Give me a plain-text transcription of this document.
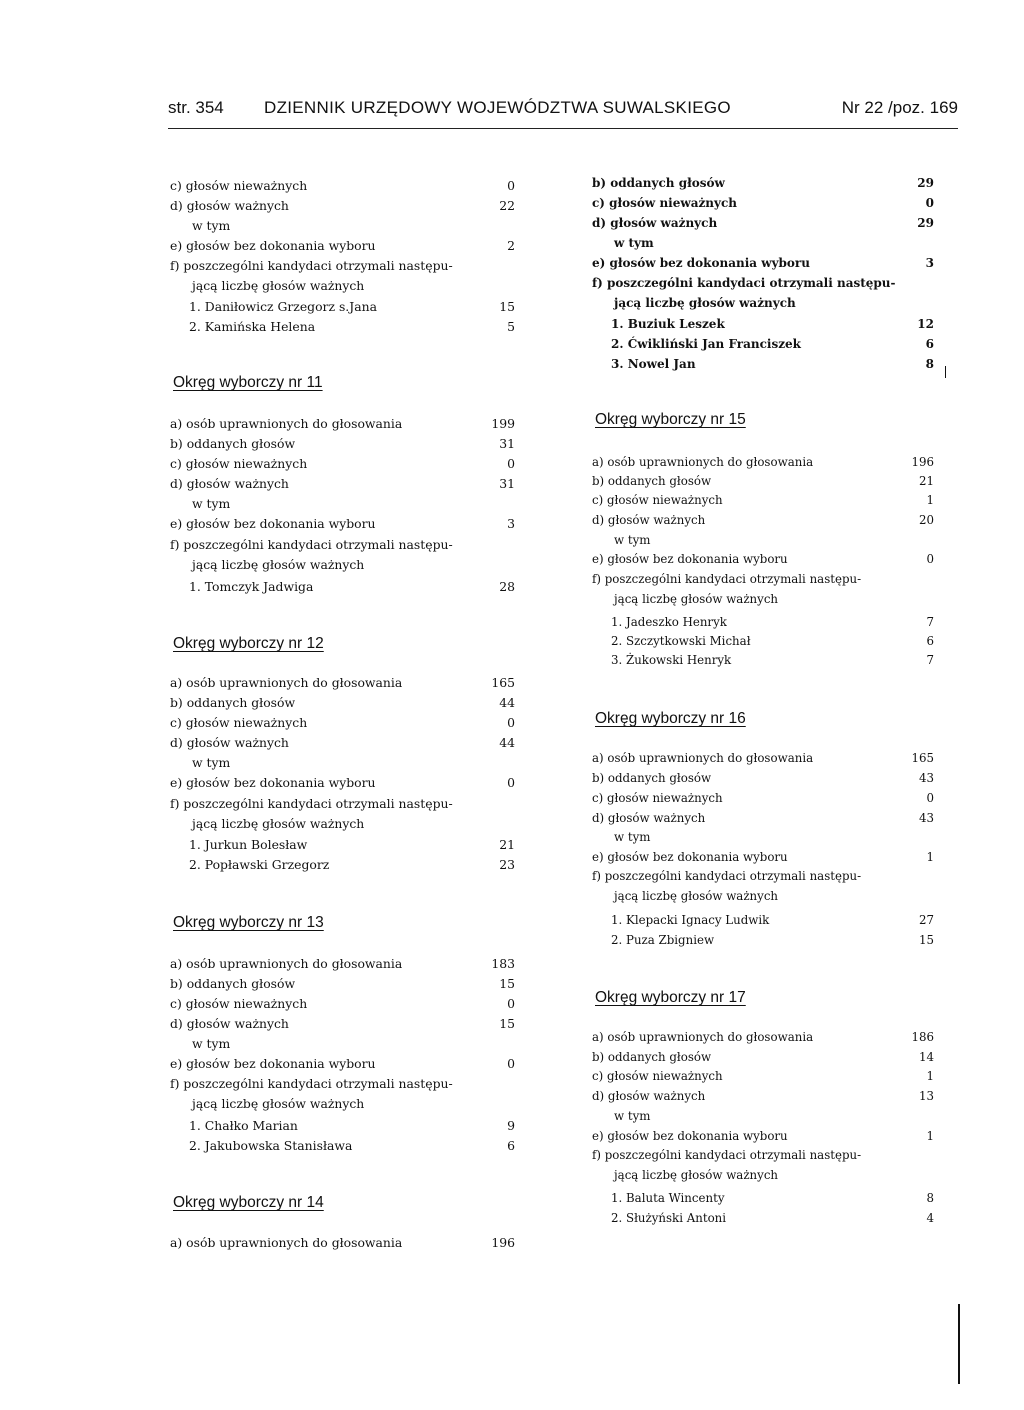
str. 354 DZIENNIK URZĘDOWY WOJEWÓDZTWA SUWALSKIEGO	Nr 22 /poz. 169
c) głosów nieważnych	0
d) głosów ważnych	22
w tym
e) głosów bez dokonania wyboru	2
f) poszczególni kandydaci otrzymali następu-
jącą liczbę głosów ważnych
1. Daniłowicz Grzegorz s.Jana	15
2. Kamińska Helena	5
Okręg wyborczy nr 11
a) osób uprawnionych do głosowania	199
b) oddanych głosów	31
c) głosów nieważnych	0
d) głosów ważnych	31
w tym
e) głosów bez dokonania wyboru	3
f) poszczególni kandydaci otrzymali następu-
jącą liczbę głosów ważnych
1. Tomczyk Jadwiga	28
Okręg wyborczy nr 12
a) osób uprawnionych do głosowania	165
b) oddanych głosów	44
c) głosów nieważnych	0
d) głosów ważnych	44
w tym
e) głosów bez dokonania wyboru	0
f) poszczególni kandydaci otrzymali następu-
jącą liczbę głosów ważnych
1. Jurkun Bolesław	21
2. Popławski Grzegorz	23
Okręg wyborczy nr 13
a) osób uprawnionych do głosowania	183
b) oddanych głosów	15
c) głosów nieważnych	0
d) głosów ważnych	15
w tym
e) głosów bez dokonania wyboru	0
f) poszczególni kandydaci otrzymali następu-
jącą liczbę głosów ważnych
1. Chałko Marian	9
2. Jakubowska Stanisława	6
Okręg wyborczy nr 14
a) osób uprawnionych do głosowania	196
b) oddanych głosów	29
c) głosów nieważnych	0
d) głosów ważnych	29
w tym
e) głosów bez dokonania wyboru	3
f) poszczególni kandydaci otrzymali następu-
jącą liczbę głosów ważnych
1. Buziuk Leszek	12
2. Ćwikliński Jan Franciszek	6
3. Nowel Jan	8
Okręg wyborczy nr 15
a) osób uprawnionych do głosowania	196
b) oddanych głosów	21
c) głosów nieważnych	1
d) głosów ważnych	20
w tym
e) głosów bez dokonania wyboru	0
f) poszczególni kandydaci otrzymali następu-
jącą liczbę głosów ważnych
1. Jadeszko Henryk	7
2. Szczytkowski Michał	6
3. Żukowski Henryk	7
Okręg wyborczy nr 16
a) osób uprawnionych do głosowania	165
b) oddanych głosów	43
c) głosów nieważnych	0
d) głosów ważnych	43
w tym
e) głosów bez dokonania wyboru	1
f) poszczególni kandydaci otrzymali następu-
jącą liczbę głosów ważnych
1. Klepacki Ignacy Ludwik	27
2. Puza Zbigniew	15
Okręg wyborczy nr 17
a) osób uprawnionych do głosowania	186
b) oddanych głosów	14
c) głosów nieważnych	1
d) głosów ważnych	13
w tym
e) głosów bez dokonania wyboru	1
f) poszczególni kandydaci otrzymali następu-
jącą liczbę głosów ważnych
1. Baluta Wincenty	8
2. Służyński Antoni	4
